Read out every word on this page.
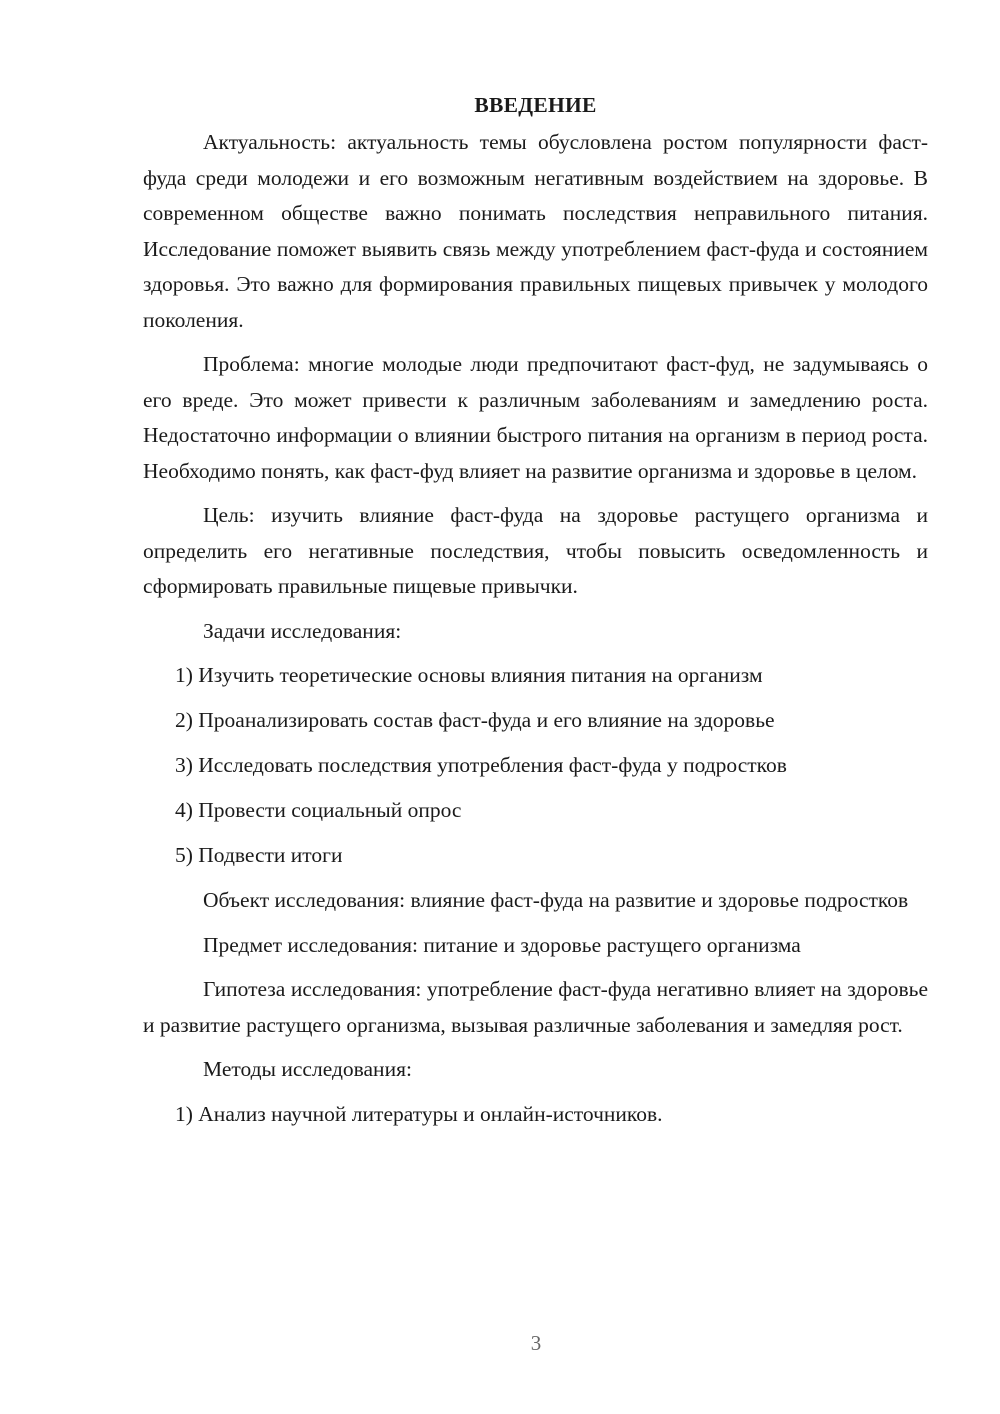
ВВЕДЕНИЕ

Актуальность: актуальность темы обусловлена ростом популярности фаст-фуда среди молодежи и его возможным негативным воздействием на здоровье. В современном обществе важно понимать последствия неправильного питания. Исследование поможет выявить связь между употреблением фаст-фуда и состоянием здоровья. Это важно для формирования правильных пищевых привычек у молодого поколения.

Проблема: многие молодые люди предпочитают фаст-фуд, не задумываясь о его вреде. Это может привести к различным заболеваниям и замедлению роста. Недостаточно информации о влиянии быстрого питания на организм в период роста. Необходимо понять, как фаст-фуд влияет на развитие организма и здоровье в целом.

Цель: изучить влияние фаст-фуда на здоровье растущего организма и определить его негативные последствия, чтобы повысить осведомленность и сформировать правильные пищевые привычки.

Задачи исследования:

1) Изучить теоретические основы влияния питания на организм
2) Проанализировать состав фаст-фуда и его влияние на здоровье
3) Исследовать последствия употребления фаст-фуда у подростков
4) Провести социальный опрос
5) Подвести итоги

Объект исследования: влияние фаст-фуда на развитие и здоровье подростков

Предмет исследования: питание и здоровье растущего организма

Гипотеза исследования: употребление фаст-фуда негативно влияет на здоровье и развитие растущего организма, вызывая различные заболевания и замедляя рост.

Методы исследования:

1) Анализ научной литературы и онлайн-источников.
3
